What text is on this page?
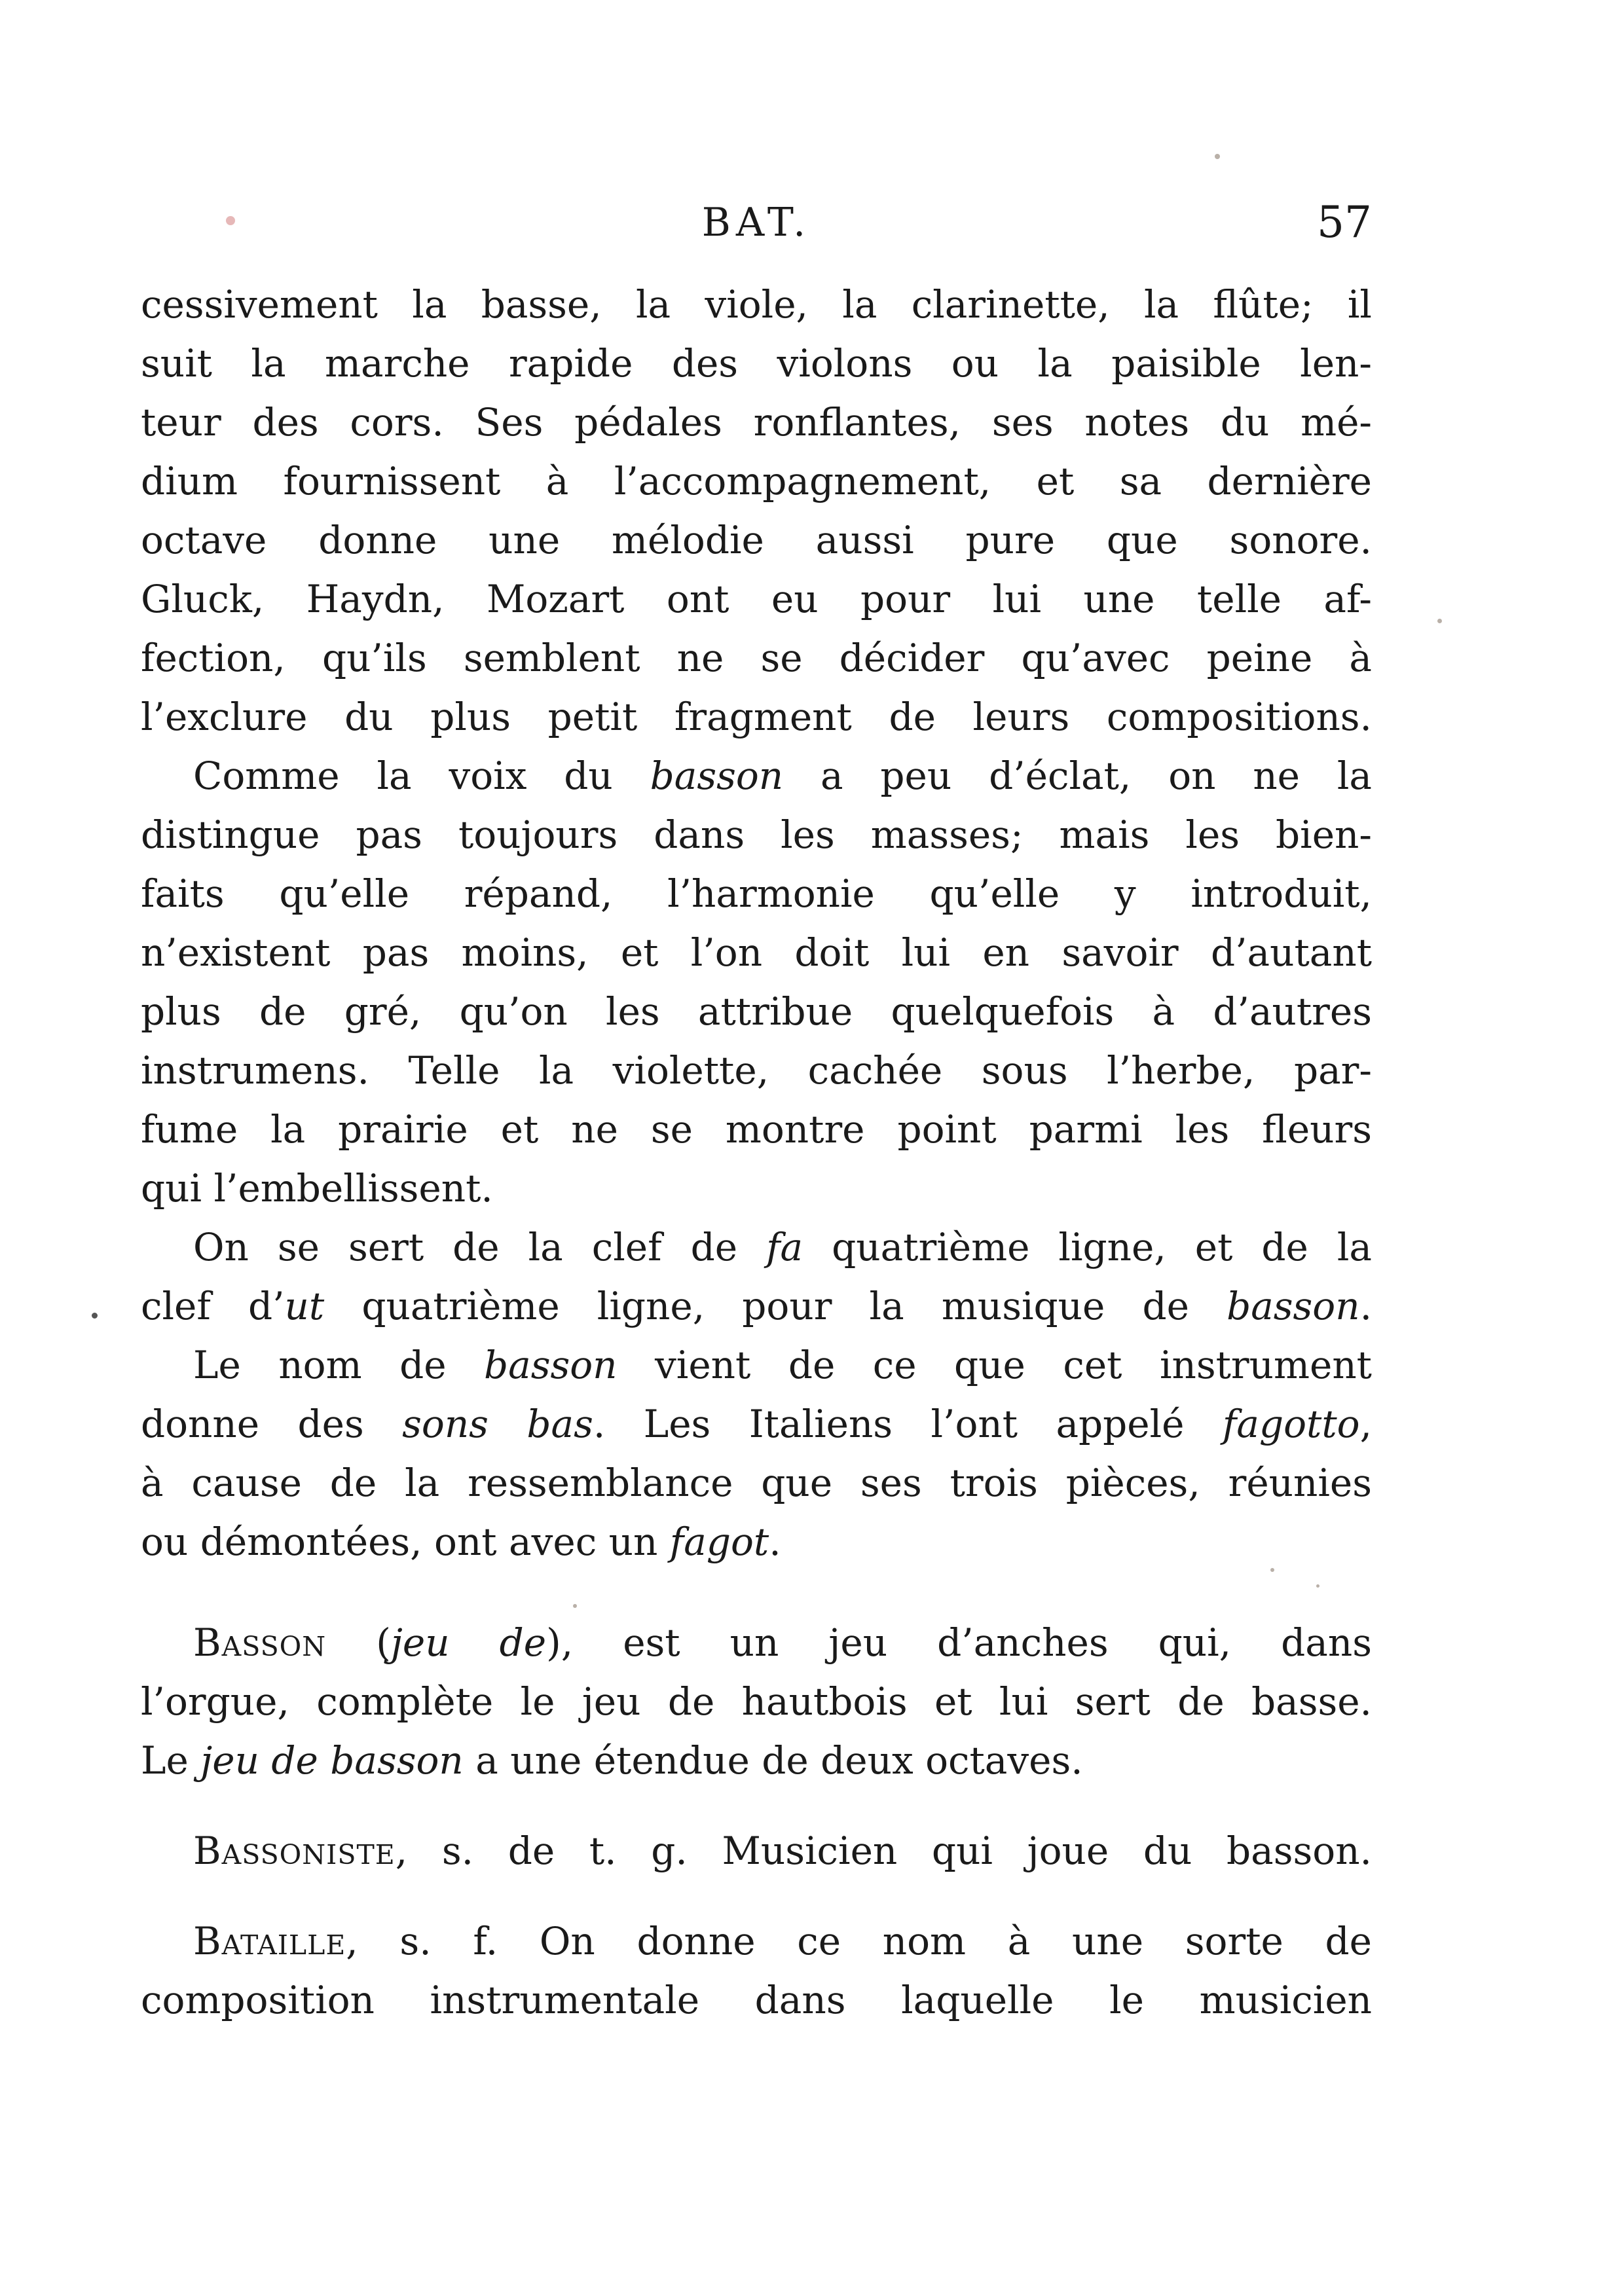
BAT.	57
cessivement la basse, la viole, la clarinette, la flûte; il
suit la marche rapide des violons ou la paisible len-
teur des cors. Ses pédales ronflantes, ses notes du mé-
dium fournissent à l’accompagnement, et sa dernière
octave donne une mélodie aussi pure que sonore.
Gluck, Haydn, Mozart ont eu pour lui une telle af-
fection, qu’ils semblent ne se décider qu’avec peine à
l’exclure du plus petit fragment de leurs compositions.
Comme la voix du basson a peu d’éclat, on ne la
distingue pas toujours dans les masses; mais les bien-
faits qu’elle répand, l’harmonie qu’elle y introduit,
n’existent pas moins, et l’on doit lui en savoir d’autant
plus de gré, qu’on les attribue quelquefois à d’autres
instrumens. Telle la violette, cachée sous l’herbe, par-
fume la prairie et ne se montre point parmi les fleurs
qui l’embellissent.
On se sert de la clef de fa quatrième ligne, et de la
clef d’ut quatrième ligne, pour la musique de basson.
Le nom de basson vient de ce que cet instrument
donne des sons bas. Les Italiens l’ont appelé fagotto,
à cause de la ressemblance que ses trois pièces, réunies
ou démontées, ont avec un fagot.
Basson (jeu de), est un jeu d’anches qui, dans
l’orgue, complète le jeu de hautbois et lui sert de basse.
Le jeu de basson a une étendue de deux octaves.
Bassoniste, s. de t. g. Musicien qui joue du basson.
Bataille, s. f. On donne ce nom à une sorte de
composition instrumentale dans laquelle le musicien
